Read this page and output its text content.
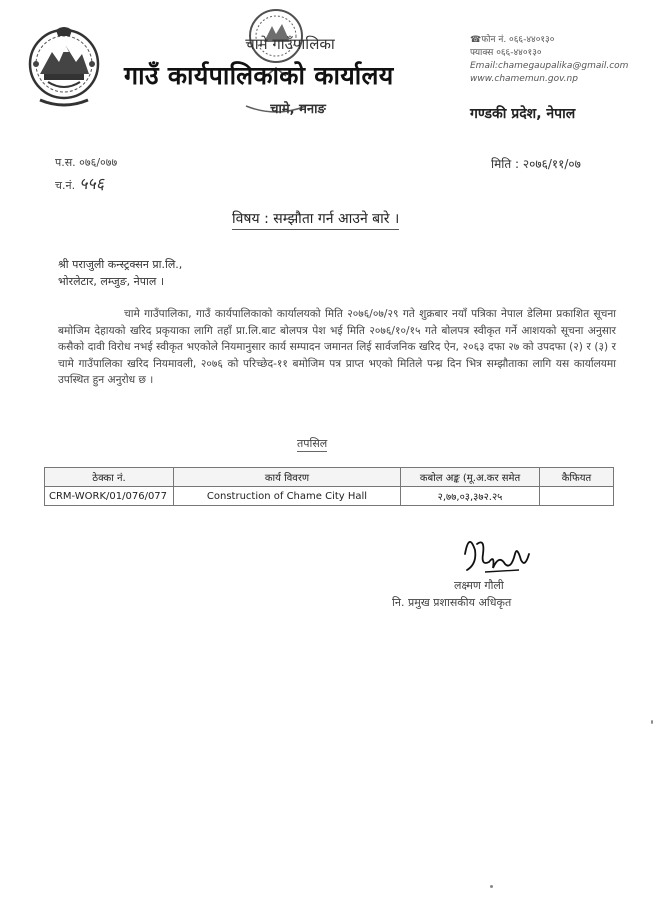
चामे गाउँपालिका
गाउँ कार्यपालिकाको कार्यालय
चामे, मनाङ
☎फोन नं. ०६६-४४०१३०
फ्याक्स ०६६-४४०१३०
Email:chamegaupalika@gmail.com
www.chamemun.gov.np
गण्डकी प्रदेश, नेपाल
प.स. ०७६/०७७
च.नं. ५५६
मिति : २०७६/११/०७
विषय : सम्झौता गर्न आउने बारे ।
श्री पराजुली कन्स्ट्रक्सन प्रा.लि.,
भोरलेटार, लम्जुङ, नेपाल ।
चामे गाउँपालिका, गाउँ कार्यपालिकाको कार्यालयको मिति २०७६/०७/२९ गते शुक्रबार नयाँ पत्रिका नेपाल डेलिमा प्रकाशित सूचना बमोजिम देहायको खरिद प्रकृयाका लागि तहाँ प्रा.लि.बाट बोलपत्र पेश भई मिति २०७६/१०/१५ गते बोलपत्र स्वीकृत गर्ने आशयको सूचना अनुसार कसैको दावी विरोध नभई स्वीकृत भएकोले नियमानुसार कार्य सम्पादन जमानत लिई सार्वजनिक खरिद ऐन, २०६३ दफा २७ को उपदफा (२) र (३) र चामे गाउँपालिका खरिद नियमावली, २०७६ को परिच्छेद-११ बमोजिम पत्र प्राप्त भएको मितिले पन्ध्र दिन भित्र सम्झौताका लागि यस कार्यालयमा उपस्थित हुन अनुरोध छ ।
तपसिल
ठेक्का नं.	कार्य विवरण	कबोल अङ्क (मू.अ.कर समेत	कैफियत
CRM-WORK/01/076/077	Construction of Chame City Hall	२,७७,०३,३७२.२५	
लक्ष्मण गौली
नि. प्रमुख प्रशासकीय अधिकृत
